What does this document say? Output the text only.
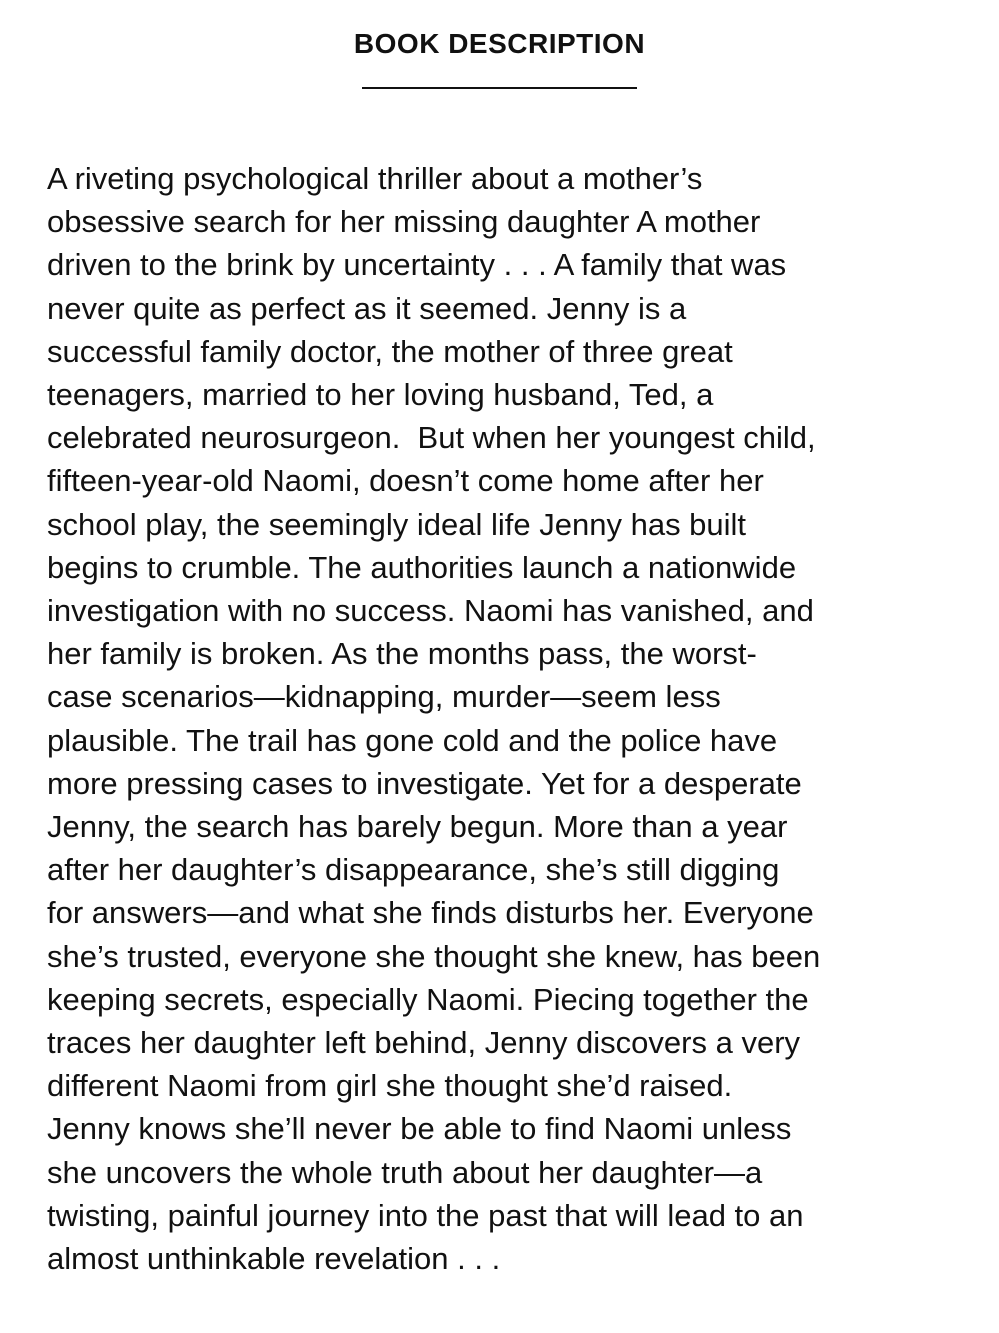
BOOK DESCRIPTION

A riveting psychological thriller about a mother’s
obsessive search for her missing daughter A mother
driven to the brink by uncertainty . . . A family that was
never quite as perfect as it seemed. Jenny is a
successful family doctor, the mother of three great
teenagers, married to her loving husband, Ted, a
celebrated neurosurgeon.  But when her youngest child,
fifteen-year-old Naomi, doesn’t come home after her
school play, the seemingly ideal life Jenny has built
begins to crumble. The authorities launch a nationwide
investigation with no success. Naomi has vanished, and
her family is broken. As the months pass, the worst-
case scenarios—kidnapping, murder—seem less
plausible. The trail has gone cold and the police have
more pressing cases to investigate. Yet for a desperate
Jenny, the search has barely begun. More than a year
after her daughter’s disappearance, she’s still digging
for answers—and what she finds disturbs her. Everyone
she’s trusted, everyone she thought she knew, has been
keeping secrets, especially Naomi. Piecing together the
traces her daughter left behind, Jenny discovers a very
different Naomi from girl she thought she’d raised.
Jenny knows she’ll never be able to find Naomi unless
she uncovers the whole truth about her daughter—a
twisting, painful journey into the past that will lead to an
almost unthinkable revelation . . .
